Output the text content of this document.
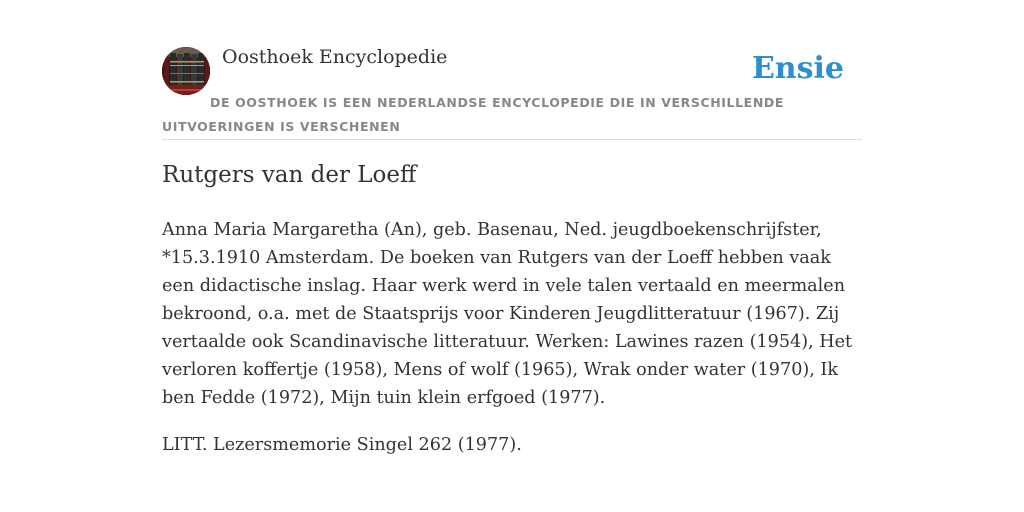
Oosthoek Encyclopedie	Ensie
DE OOSTHOEK IS EEN NEDERLANDSE ENCYCLOPEDIE DIE IN VERSCHILLENDE UITVOERINGEN IS VERSCHENEN
Rutgers van der Loeff

Anna Maria Margaretha (An), geb. Basenau, Ned. jeugdboekenschrijfster, *15.3.1910 Amsterdam. De boeken van Rutgers van der Loeff hebben vaak een didactische inslag. Haar werk werd in vele talen vertaald en meermalen bekroond, o.a. met de Staatsprijs voor Kinderen Jeugdlitteratuur (1967). Zij vertaalde ook Scandinavische litteratuur. Werken: Lawines razen (1954), Het verloren koffertje (1958), Mens of wolf (1965), Wrak onder water (1970), Ik ben Fedde (1972), Mijn tuin klein erfgoed (1977).

LITT. Lezersmemorie Singel 262 (1977).
